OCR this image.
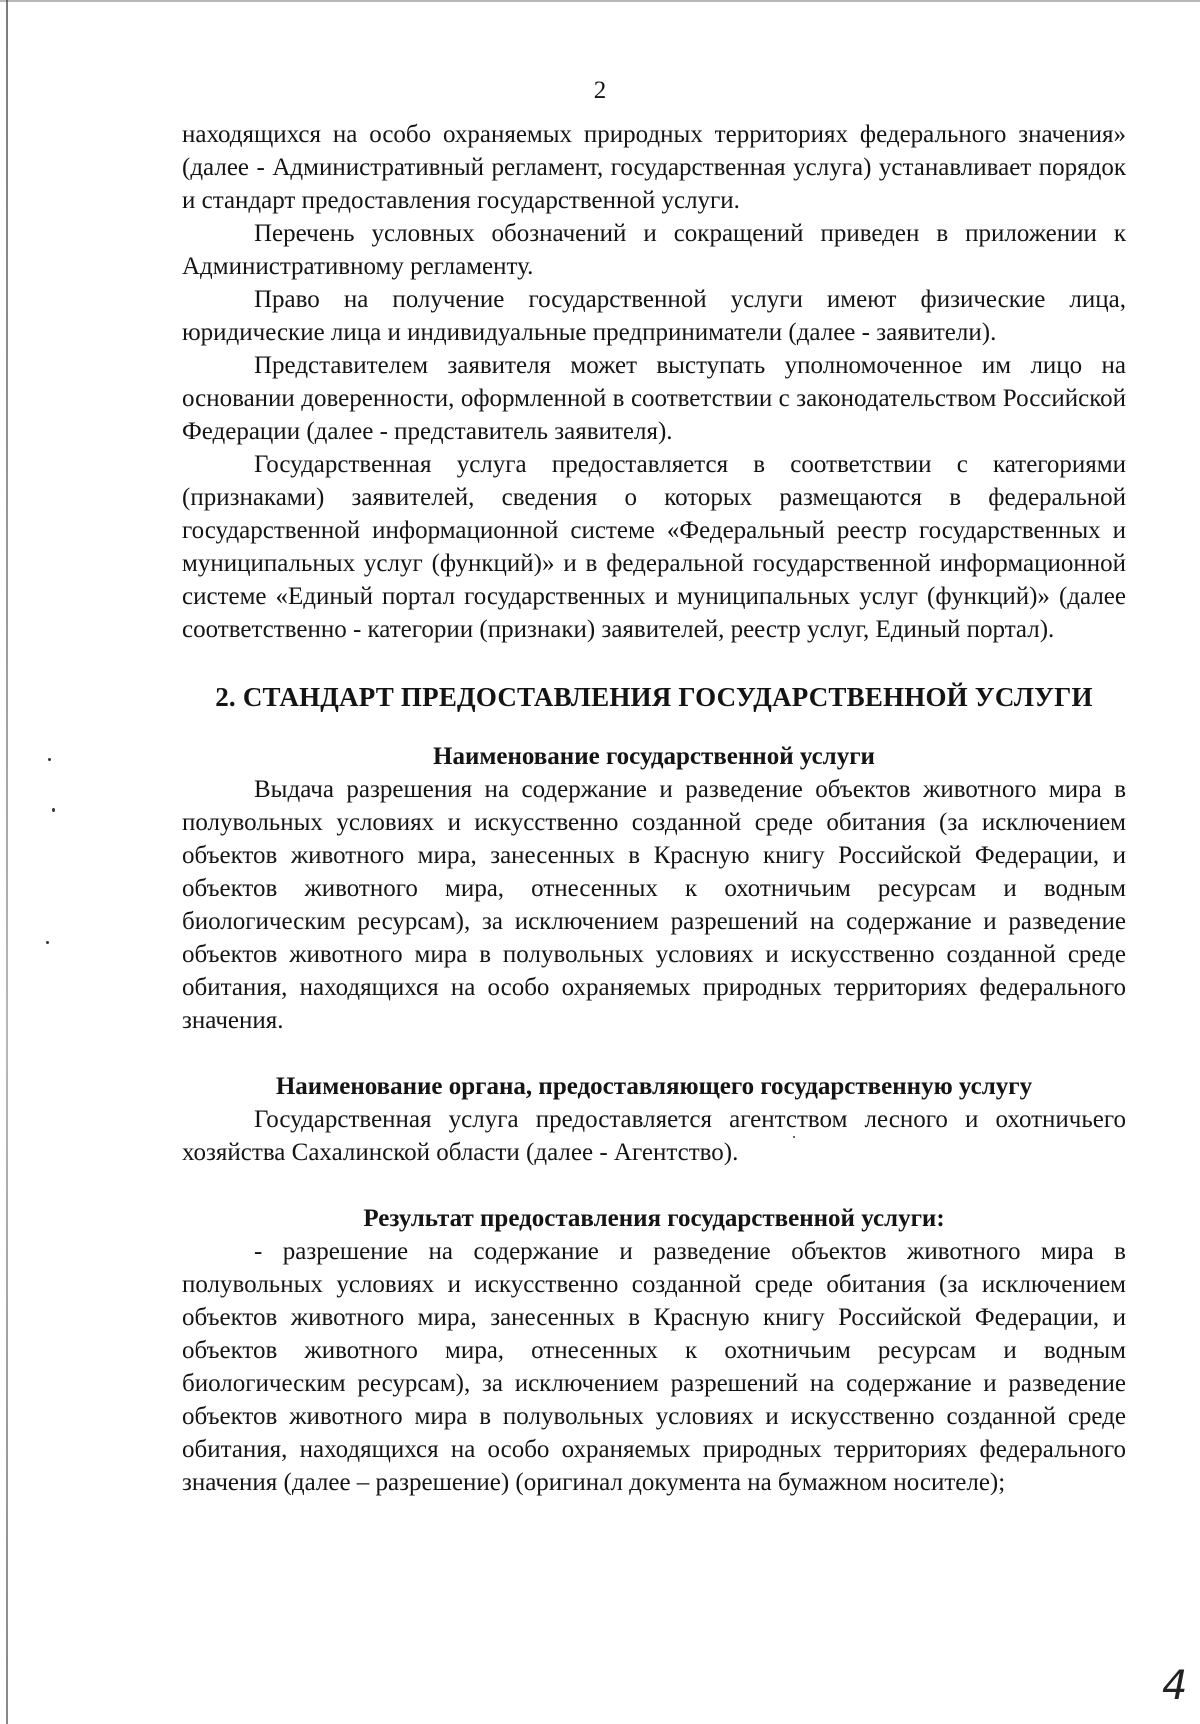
2

находящихся на особо охраняемых природных территориях федерального значения» (далее - Административный регламент, государственная услуга) устанавливает порядок и стандарт предоставления государственной услуги.

Перечень условных обозначений и сокращений приведен в приложении к Административному регламенту.

Право на получение государственной услуги имеют физические лица, юридические лица и индивидуальные предприниматели (далее - заявители).

Представителем заявителя может выступать уполномоченное им лицо на основании доверенности, оформленной в соответствии с законодательством Российской Федерации (далее - представитель заявителя).

Государственная услуга предоставляется в соответствии с категориями (признаками) заявителей, сведения о которых размещаются в федеральной государственной информационной системе «Федеральный реестр государственных и муниципальных услуг (функций)» и в федеральной государственной информационной системе «Единый портал государственных и муниципальных услуг (функций)» (далее соответственно - категории (признаки) заявителей, реестр услуг, Единый портал).

2. СТАНДАРТ ПРЕДОСТАВЛЕНИЯ ГОСУДАРСТВЕННОЙ УСЛУГИ
Наименование государственной услуги

Выдача разрешения на содержание и разведение объектов животного мира в полувольных условиях и искусственно созданной среде обитания (за исключением объектов животного мира, занесенных в Красную книгу Российской Федерации, и объектов животного мира, отнесенных к охотничьим ресурсам и водным биологическим ресурсам), за исключением разрешений на содержание и разведение объектов животного мира в полувольных условиях и искусственно созданной среде обитания, находящихся на особо охраняемых природных территориях федерального значения.

Наименование органа, предоставляющего государственную услугу

Государственная услуга предоставляется агентством лесного и охотничьего хозяйства Сахалинской области (далее - Агентство).

Результат предоставления государственной услуги:

- разрешение на содержание и разведение объектов животного мира в полувольных условиях и искусственно созданной среде обитания (за исключением объектов животного мира, занесенных в Красную книгу Российской Федерации, и объектов животного мира, отнесенных к охотничьим ресурсам и водным биологическим ресурсам), за исключением разрешений на содержание и разведение объектов животного мира в полувольных условиях и искусственно созданной среде обитания, находящихся на особо охраняемых природных территориях федерального значения (далее – разрешение) (оригинал документа на бумажном носителе);

4
